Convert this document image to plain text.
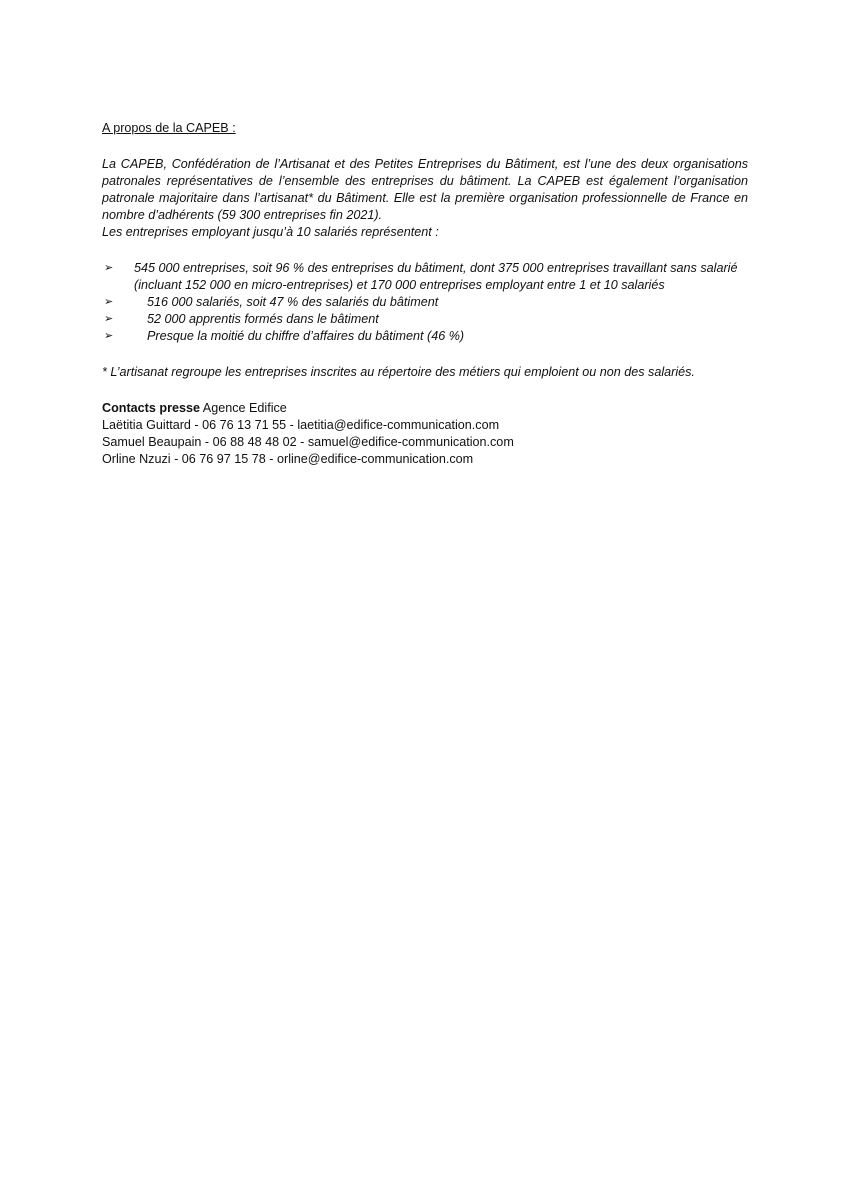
A propos de la CAPEB :

La CAPEB, Confédération de l’Artisanat et des Petites Entreprises du Bâtiment, est l’une des deux organisations patronales représentatives de l’ensemble des entreprises du bâtiment. La CAPEB est également l’organisation patronale majoritaire dans l’artisanat* du Bâtiment. Elle est la première organisation professionnelle de France en nombre d’adhérents (59 300 entreprises fin 2021).

Les entreprises employant jusqu’à 10 salariés représentent :

➢	545 000 entreprises, soit 96 % des entreprises du bâtiment, dont 375 000 entreprises travaillant sans salarié (incluant 152 000 en micro-entreprises) et 170 000 entreprises employant entre 1 et 10 salariés
➢	516 000 salariés, soit 47 % des salariés du bâtiment
➢	52 000 apprentis formés dans le bâtiment
➢	Presque la moitié du chiffre d’affaires du bâtiment (46 %)

* L’artisanat regroupe les entreprises inscrites au répertoire des métiers qui emploient ou non des salariés.

Contacts presse Agence Edifice

Laëtitia Guittard - 06 76 13 71 55 - laetitia@edifice-communication.com

Samuel Beaupain - 06 88 48 48 02 - samuel@edifice-communication.com

Orline Nzuzi - 06 76 97 15 78 - orline@edifice-communication.com
